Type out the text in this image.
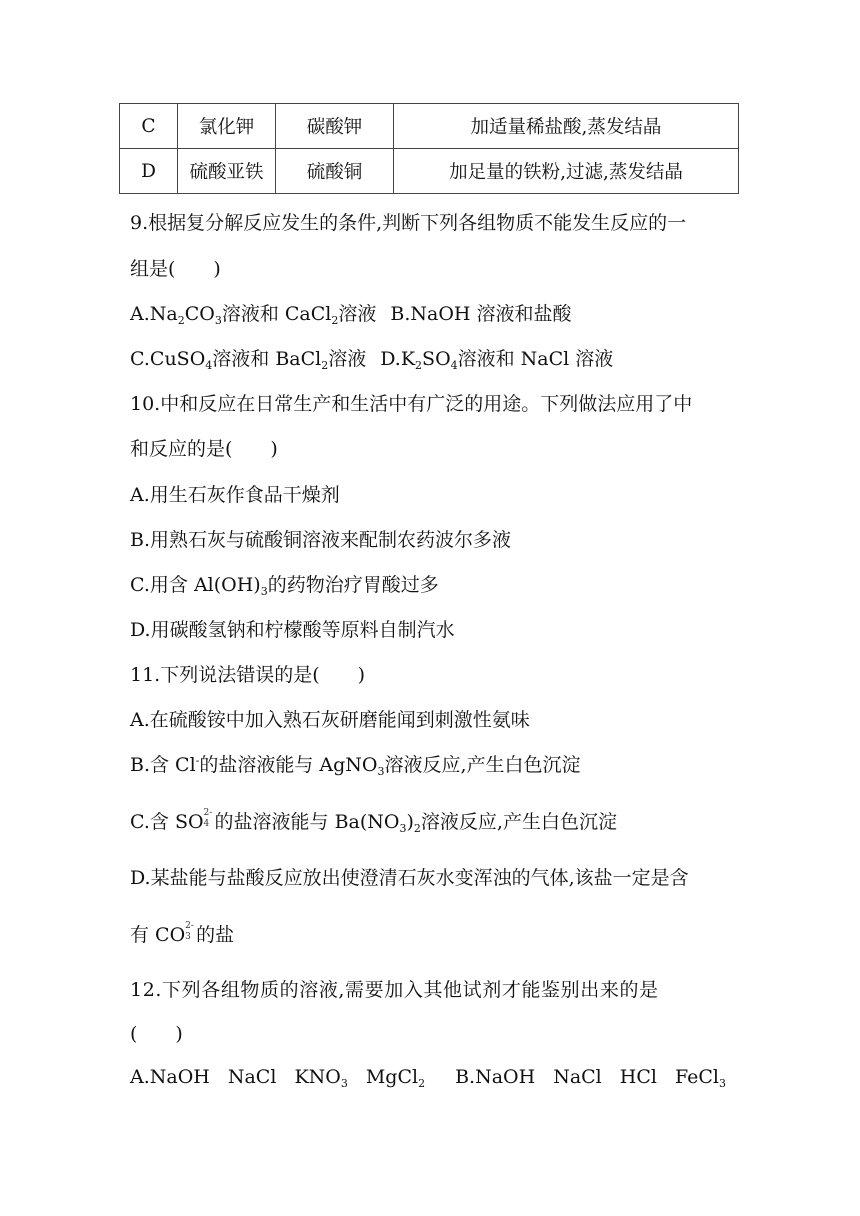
C	氯化钾	碳酸钾	加适量稀盐酸,蒸发结晶
D	硫酸亚铁	硫酸铜	加足量的铁粉,过滤,蒸发结晶
9.根据复分解反应发生的条件,判断下列各组物质不能发生反应的一
组是(　　)
$A.Na_2CO_3$溶液和 CaCl$_2$溶液 B.NaOH 溶液和盐酸
C.CuSO$_4$溶液和 BaCl$_2$溶液 $D.K_2SO_4$溶液和 NaCl 溶液
10.中和反应在日常生产和生活中有广泛的用途。下列做法应用了中
和反应的是(　　)
A.用生石灰作食品干燥剂
B.用熟石灰与硫酸铜溶液来配制农药波尔多液
C.用含 $Al(OH)_3$的药物治疗胃酸过多
D.用碳酸氢钠和柠檬酸等原料自制汽水
11.下列说法错误的是(　　)
A.在硫酸铵中加入熟石灰研磨能闻到刺激性氨味
B.含 Cl-的盐溶液能与 AgNO$_3$溶液反应,产生白色沉淀
C.含 SO 2-
4 的盐溶液能与 $Ba(NO_3)_2$溶液反应,产生白色沉淀
D.某盐能与盐酸反应放出使澄清石灰水变浑浊的气体,该盐一定是含
有 CO 2-
3 的盐
12.下列各组物质的溶液,需要加入其他试剂才能鉴别出来的是
(　　)
A.NaOH NaCl $KNO_3$ MgCl$_2$ B.NaOH NaCl HCl FeCl$_3$
